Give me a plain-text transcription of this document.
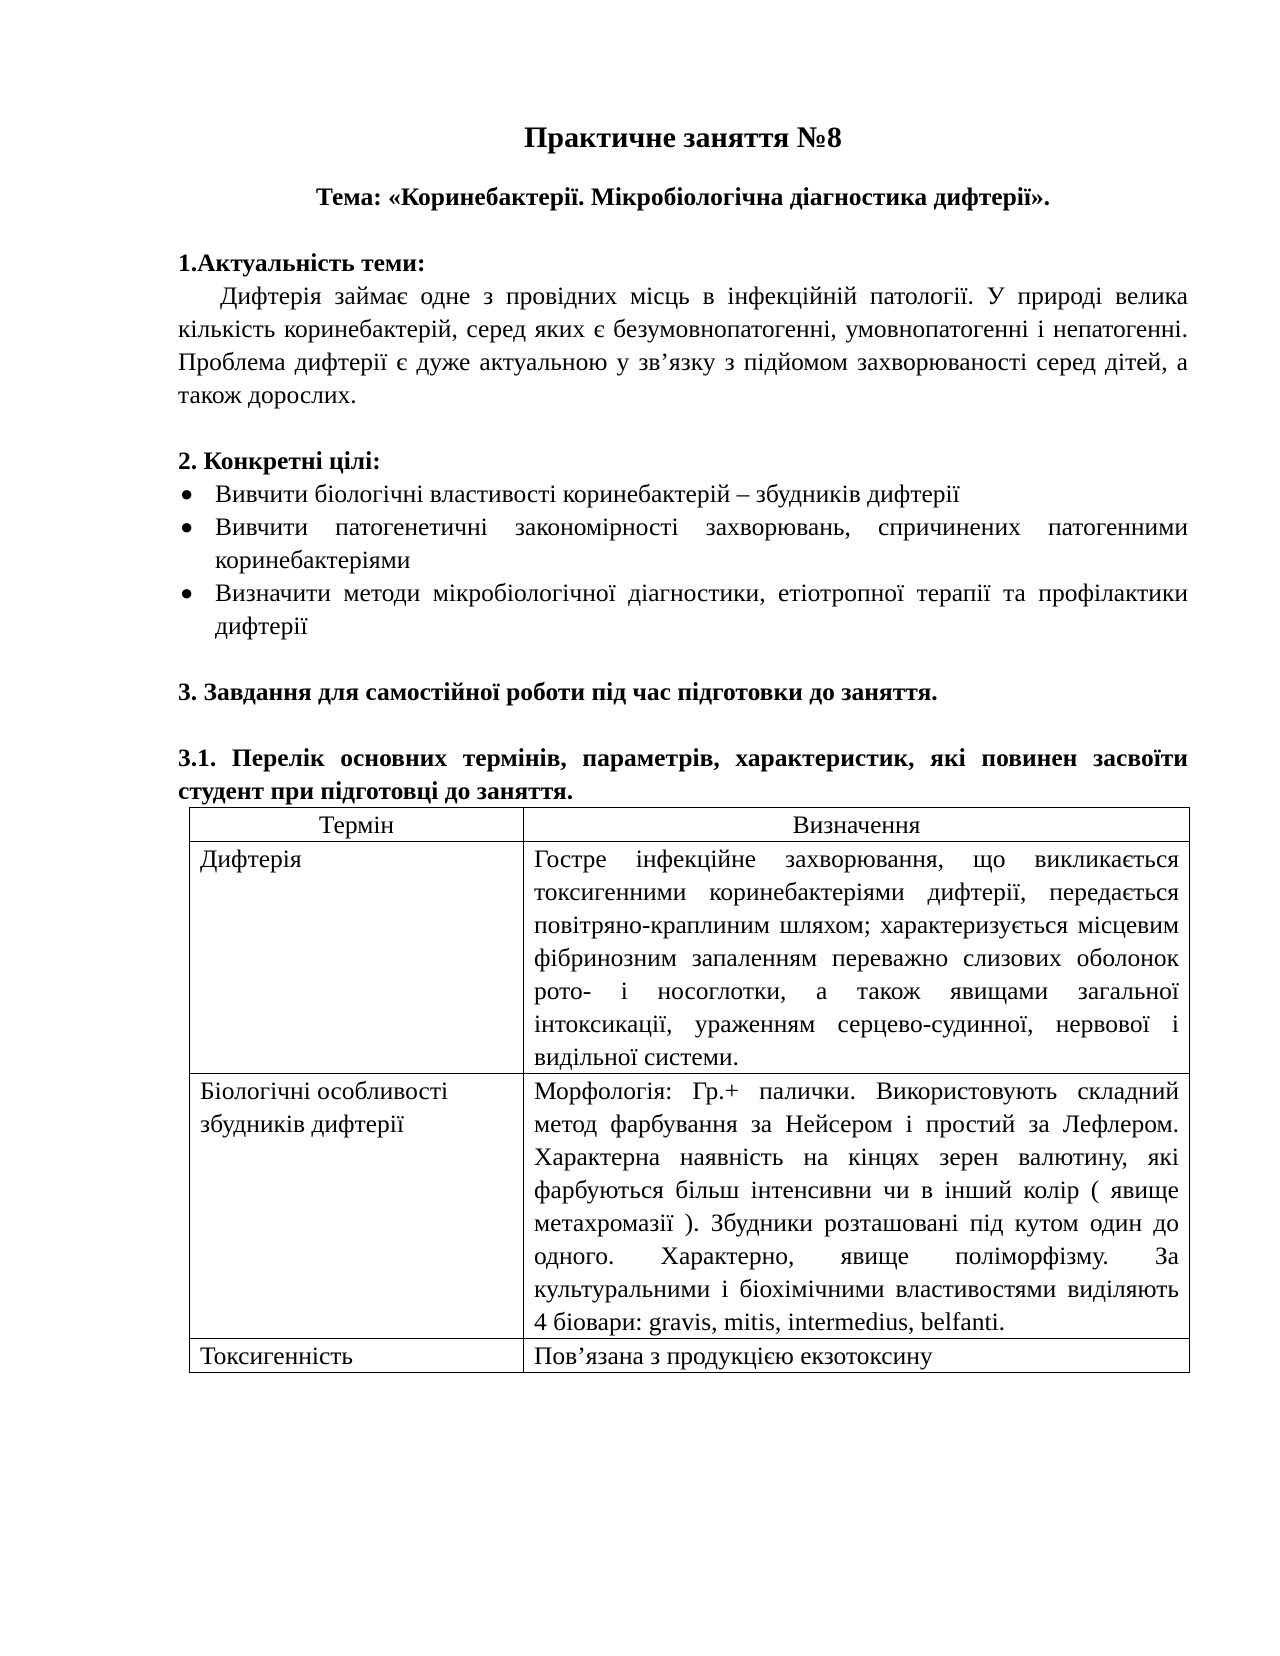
Практичне заняття №8

Тема: «Коринебактерії. Мікробіологічна діагностика дифтерії».

1.Актуальність теми:

Дифтерія займає одне з провідних місць в інфекційній патології. У природі велика кількість коринебактерій, серед яких є безумовнопатогенні, умовнопатогенні і непатогенні. Проблема дифтерії є дуже актуальною у зв’язку з підйомом захворюваності серед дітей, а також дорослих.

2. Конкретні цілі:

● Вивчити біологічні властивості коринебактерій – збудників дифтерії
● Вивчити патогенетичні закономірності захворювань, спричинених патогенними коринебактеріями
● Визначити методи мікробіологічної діагностики, етіотропної терапії та профілактики дифтерії

3. Завдання для самостійної роботи під час підготовки до заняття.

3.1. Перелік основних термінів, параметрів, характеристик, які повинен засвоїти студент при підготовці до заняття.

Термін	Визначення
Дифтерія	Гостре інфекційне захворювання, що викликається токсигенними коринебактеріями дифтерії, передається повітряно-краплиним шляхом; характеризується місцевим фібринозним запаленням переважно слизових оболонок рото- і носоглотки, а також явищами загальної інтоксикації, ураженням серцево-судинної, нервової і видільної системи.
Біологічні особливості збудників дифтерії	Морфологія: Гр.+ палички. Використовують складний метод фарбування за Нейсером і простий за Лефлером. Характерна наявність на кінцях зерен валютину, які фарбуються більш інтенсивни чи в інший колір ( явище метахромазії ). Збудники розташовані під кутом один до одного. Характерно, явище поліморфізму. За культуральними і біохімічними властивостями виділяють 4 біовари: gravis, mitis, intermedius, belfanti.
Токсигенність	Пов’язана з продукцією екзотоксину
